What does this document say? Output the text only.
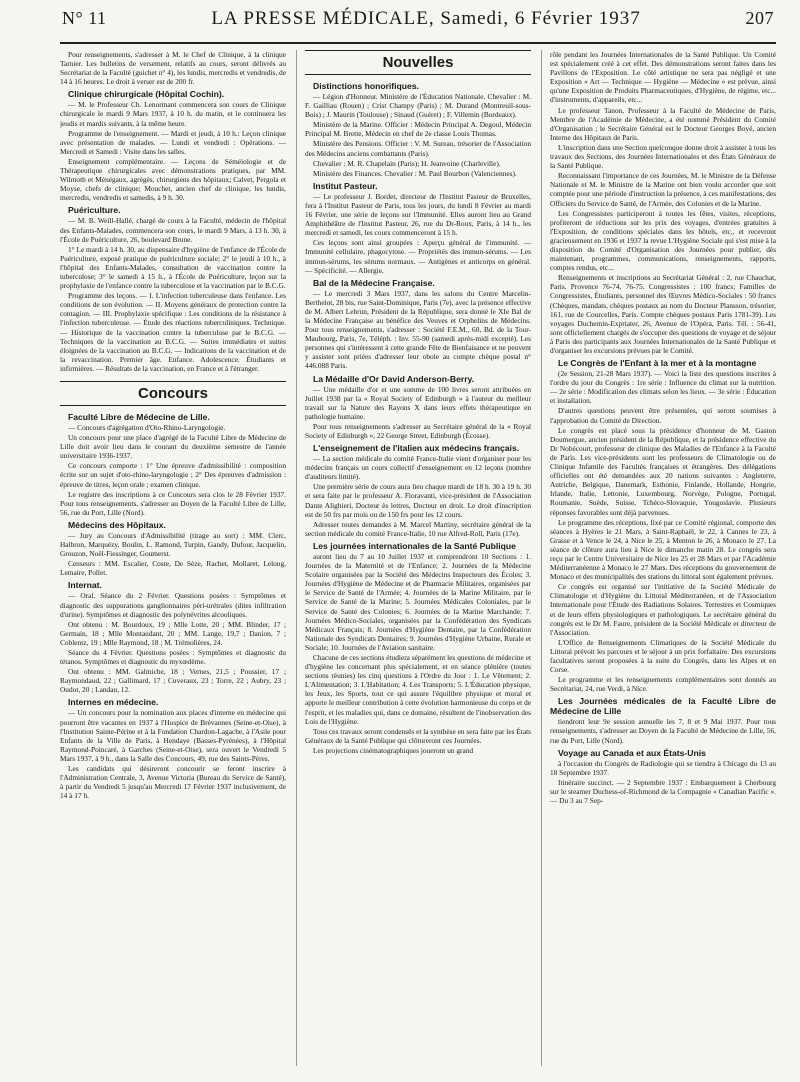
N° 11	LA PRESSE MÉDICALE, Samedi, 6 Février 1937	207

Pour renseignements, s'adresser à M. le Chef de Clinique, à la clinique Tarnier. Les bulletins de versement, relatifs au cours, seront délivrés au Secrétariat de la Faculté (guichet n° 4), les lundis, mercredis et vendredis, de 14 à 16 heures. Le droit à verser est de 200 fr.

Clinique chirurgicale (Hôpital Cochin).

— M. le Professeur Ch. Lenormant commencera son cours de Clinique chirurgicale le mardi 9 Mars 1937, à 10 h. du matin, et le continuera les jeudis et mardis suivants, à la même heure.

Programme de l'enseignement. — Mardi et jeudi, à 10 h.: Leçon clinique avec présentation de malades. — Lundi et vendredi : Opérations. — Mercredi et Samedi : Visite dans les salles.

Enseignement complémentaire. — Leçons de Séméiologie et de Thérapeutique chirurgicales avec démonstrations pratiques, par MM. Wilmoth et Ménégaux, agrégés, chirurgiens des hôpitaux; Calvet, Pergola et Moyse, chefs de clinique; Mouchet, ancien chef de clinique, les lundis, mercredis, vendredis et samedis, à 9 h. 30.

Puériculture.

— M. B. Weill-Hallé, chargé de cours à la Faculté, médecin de l'hôpital des Enfants-Malades, commencera son cours, le mardi 9 Mars, à 13 h. 30, à l'École de Puériculture, 26, boulevard Brune.

1° Le mardi à 14 h. 30, au dispensaire d'hygiène de l'enfance de l'École de Puériculture, exposé pratique de puériculture sociale; 2° le jeudi à 10 h., à l'hôpital des Enfants-Malades, consultation de vaccination contre la tuberculose; 3° le samedi à 15 h., à l'École de Puériculture, leçon sur la prophylaxie de l'enfance contre la tuberculose et la vaccination par le B.C.G.

Programme des leçons. — I. L'infection tuberculeuse dans l'enfance. Les conditions de son évolution. — II. Moyens généraux de protection contre la contagion. — III. Prophylaxie spécifique : Les conditions de la résistance à l'infection tuberculeuse. — Étude des réactions tuberculiniques. Technique. — Historique de la vaccination contre la tuberculose par le B.C.G. — Techniques de la vaccination au B.C.G. — Suites immédiates et suites éloignées de la vaccination au B.C.G. — Indications de la vaccination et de la revaccination. Premier âge. Enfance. Adolescence. Étudiants et infirmières. — Résultats de la vaccination, en France et à l'étranger.

Concours
Faculté Libre de Médecine de Lille.

— Concours d'agrégation d'Oto-Rhino-Laryngologie.

Un concours pour une place d'agrégé de la Faculté Libre de Médecine de Lille doit avoir lieu dans le courant du deuxième semestre de l'année universitaire 1936-1937.

Ce concours comporte : 1° Une épreuve d'admissibilité : composition écrite sur un sujet d'oto-rhino-laryngologie ; 2° Des épreuves d'admission : épreuve de titres, leçon orale ; examen clinique.

Le registre des inscriptions à ce Concours sera clos le 28 Février 1937. Pour tous renseignements, s'adresser au Doyen de la Faculté Libre de Lille, 56, rue du Port, Lille (Nord).

Médecins des Hôpitaux.

— Jury au Concours d'Admissibilité (tirage au sort) : MM. Clerc, Halbron, Marquézy, Boulin, L. Ramond, Turpin, Gandy, Dufour, Jacquelin, Grouzon, Noël-Fiessinger, Goumerst.

Censeurs : MM. Escalier, Coste, De Sèze, Rachet, Mollaret, Lelong, Lemaire, Pollet.

Internat.

— Oral. Séance du 2 Février. Questions posées : Symptômes et diagnostic des suppurations ganglionnaires péri-urétrales (dites infiltration d'urine). Symptômes et diagnostic des polynévrites alcooliques.

Ont obtenu : M. Bourdoux, 19 ; Mlle Lotte, 20 ; MM. Blinder, 17 ; Germain, 18 ; Mlle Montaudant, 20 ; MM. Lange, 19,7 ; Danion, 7 ; Coblentz, 19 ; Mlle Raymond, 18 ; M. Trémolières, 24.

Séance du 4 Février. Questions posées : Symptômes et diagnostic du tétanos. Symptômes et diagnostic du myxœdème.

Ont obtenu : MM. Galmiche, 18 ; Vernes, 21,5 ; Poussier, 17 ; Raymondaud, 22 ; Gallimard, 17 ; Cuveraux, 23 ; Torre, 22 ; Aubry, 23 ; Oudot, 20 ; Landau, 12.

Internes en médecine.

— Un concours pour la nomination aux places d'interne en médecine qui pourront être vacantes en 1937 à l'Hospice de Brévannes (Seine-et-Oise), à l'Institution Sainte-Périne et à la Fondation Chardon-Lagache, à l'Asile pour Enfants de la Ville de Paris, à Hendaye (Basses-Pyrénées), à l'Hôpital Raymond-Poincaré, à Garches (Seine-et-Oise), sera ouvert le Vendredi 5 Mars 1937, à 9 h., dans la Salle des Concours, 49, rue des Saints-Pères.

Les candidats qui désireront concourir se feront inscrire à l'Administration Centrale, 3, Avenue Victoria (Bureau du Service de Santé), à partir du Vendredi 5 jusqu'au Mercredi 17 Février 1937 inclusivement, de 14 à 17 h.

Nouvelles
Distinctions honorifiques.

— Légion d'Honneur. Ministère de l'Éducation Nationale. Chevalier : M. F. Gailliau (Rouen) ; Crist Champy (Paris) ; M. Durand (Montreuil-sous-Bois) ; J. Maurin (Toulouse) ; Sinaud (Guéret) ; F. Villemin (Bordeaux).

Ministère de la Marine. Officier : Médecin Principal A. Degoul, Médecin Principal M. Brette, Médecin en chef de 2e classe Louis Thomas.

Ministère des Pensions. Officier : V. M. Sureau, trésorier de l'Association des Médecins anciens combattants (Paris).

Chevalier : M. R. Chapelain (Paris); H. Jeanvoine (Charleville).

Ministère des Finances. Chevalier : M. Paul Bourbon (Valenciennes).

Institut Pasteur.

— Le professeur J. Bordet, directeur de l'Institut Pasteur de Bruxelles, fera à l'Institut Pasteur de Paris, tous les jours, du lundi 8 Février au mardi 16 Février, une série de leçons sur l'Immunité. Elles auront lieu au Grand Amphithéâtre de l'Institut Pasteur, 26, rue du Dr-Roux, Paris, à 14 h., les mercredi et samedi, les cours commenceront à 15 h.

Ces leçons sont ainsi groupées : Aperçu général de l'immunité. — Immunité cellulaire, phagocytose. — Propriétés des immun-sérums. — Les immun-sérums, les sérums normaux. — Antigènes et anticorps en général. — Spécificité. — Allergie.

Bal de la Médecine Française.

— Le mercredi 3 Mars 1937, dans les salons du Centre Marcelin-Berthelot, 28 bis, rue Saint-Dominique, Paris (7e), avec la présence effective de M. Albert Lebrun, Président de la République, sera donné le XIe Bal de la Médecine Française au bénéfice des Veuves et Orphelins de Médecins. Pour tous renseignements, s'adresser : Société F.E.M., 60, Bd. de la Tour-Maubourg, Paris, 7e, Téléph. : Inv. 55-90 (samedi après-midi excepté). Les personnes qui s'intéressent à cette grande Fête de Bienfaisance et ne peuvent y assister sont priées d'adresser leur obole au compte chèque postal n° 446.088 Paris.

La Médaille d'Or David Anderson-Berry.

— Une médaille d'or et une somme de 100 livres seront attribuées en Juillet 1938 par la « Royal Society of Edinburgh » à l'auteur du meilleur travail sur la Nature des Rayons X dans leurs effets thérapeutique en pathologie humaine.

Pour tous renseignements s'adresser au Secrétaire général de la « Royal Society of Edinburgh », 22 George Street, Edinburgh (Écosse).

L'enseignement de l'italien aux médecins français.

— La section médicale du comité France-Italie vient d'organiser pour les médecins français un cours collectif d'enseignement en 12 leçons (nombre d'auditeurs limité).

Une première série de cours aura lieu chaque mardi de 18 h. 30 à 19 h. 30 et sera faite par le professeur A. Fioravanti, vice-président de l'Association Dante Alighieri, Docteur ès lettres, Docteur en droit. Le droit d'inscription est de 50 frs par mois ou de 150 frs pour les 12 cours.

Adresser toutes demandes à M. Marcel Martiny, secrétaire général de la section médicale du comité France-Italie, 10 rue Alfred-Roll, Paris (17e).

Les journées internationales de la Santé Publique

auront lieu du 7 au 10 Juillet 1937 et comprendront 10 Sections : 1. Journées de la Maternité et de l'Enfance; 2. Journées de la Médecine Scolaire organisées par la Société des Médecins Inspecteurs des Écoles; 3. Journées d'Hygiène de Médecine et de Pharmacie Militaires, organisées par le Service de Santé de l'Armée; 4. Journées de la Marine Militaire, par le Service de Santé de la Marine; 5. Journées Médicales Coloniales, par le Service de Santé des Colonies; 6. Journées de la Marine Marchande; 7. Journées Médico-Sociales, organisées par la Confédération des Syndicats Médicaux Français; 8. Journées d'Hygiène Dentaire, par la Confédération Nationale des Syndicats Dentaires; 9. Journées d'Hygiène Urbaine, Rurale et Sociale; 10. Journées de l'Aviation sanitaire.

Chacune de ces sections étudiera séparément les questions de médecine et d'hygiène les concernant plus spécialement, et en séance plénière (toutes sections réunies) les cinq questions à l'Ordre du Jour : 1. Le Vêtement; 2. L'Alimentation; 3. L'Habitation; 4. Les Transports; 5. L'Éducation physique, les Jeux, les Sports, tout ce qui assure l'équilibre physique et moral et apporte le meilleur contribution à cette évolution harmonieuse du corps et de l'esprit, et les maladies qui, dans ce domaine, résultent de l'inobservation des Lois de l'Hygiène.

Tous ces travaux seront condensés et la synthèse en sera faite par les États Généraux de la Santé Publique qui clôtureront ces Journées.

Les projections cinématographiques joueront un grand

rôle pendant les Journées Internationales de la Santé Publique. Un Comité est spécialement créé à cet effet. Des démonstrations seront faites dans les Pavillons de l'Exposition. Le côté artistique ne sera pas négligé et une Exposition « Art — Technique — Hygiène — Médecine » est prévue, ainsi qu'une Exposition de Produits Pharmaceutiques, d'Hygiène, de régime, etc... d'instruments, d'appareils, etc...

Le professeur Tanon, Professeur à la Faculté de Médecine de Paris, Membre de l'Académie de Médecine, a été nommé Président du Comité d'Organisation ; le Secrétaire Général est le Docteur Georges Boyé, ancien Interne des Hôpitaux de Paris.

L'inscription dans une Section quelconque donne droit à assister à tous les travaux des Sections, des Journées Internationales et des États Généraux de la Santé Publique.

Reconnaissant l'importance de ces Journées, M. le Ministre de la Défense Nationale et M. le Ministre de la Marine ont bien voulu accorder que soit comptée pour une période d'instruction la présence, à ces manifestations, des Officiers du Service de Santé, de l'Armée, des Colonies et de la Marine.

Les Congressistes participeront à toutes les fêtes, visites, réceptions, profiteront de réductions sur les prix des voyages, d'entrées gratuites à l'Exposition, de conditions spéciales dans les hôtels, etc., et recevront gracieusement en 1936 et 1937 la revue L'Hygiène Sociale qui s'est mise à la disposition du Comité d'Organisation des Journées pour publier, dès maintenant, programmes, communications, renseignements, rapports, comptes rendus, etc...

Renseignements et inscriptions au Secrétariat Général : 2, rue Chauchat, Paris. Provence 76-74, 76-75. Congressistes : 100 francs; Familles de Congressistes, Étudiants, personnel des Œuvres Médico-Sociales : 50 francs (Chèques, mandats, chèques postaux au nom du Docteur Plansson, trésorier, 161, rue de Courcelles, Paris. Compte chèques postaux Paris 1781-39). Les voyages Duchemin-Expriater, 26, Avenue de l'Opéra, Paris. Tél. : 56-41, sont officiellement chargés de s'occuper des questions de voyage et de séjour à Paris des participants aux Journées Internationales de la Santé Publique et d'organiser les excursions prévues par le Comité.

Le Congrès de l'Enfant à la mer et à la montagne

(2e Session, 21-28 Mars 1937). — Voici la liste des questions inscrites à l'ordre du jour du Congrès : 1re série : Influence du climat sur la nutrition. — 2e série : Modification des climats selon les lieux. — 3e série : Éducation et installation.

D'autres questions peuvent être présentées, qui seront soumises à l'approbation du Comité de Direction.

Le congrès est placé sous la présidence d'honneur de M. Gaston Doumergue, ancien président de la République, et la présidence effective du Dr Nobécourt, professeur de clinique des Maladies de l'Enfance à la Faculté de Paris. Les vice-présidents sont les professeurs de Climatologie ou de Clinique Infantile des Facultés françaises et étrangères. Des délégations officielles ont été demandées aux 20 nations suivantes : Angleterre, Autriche, Belgique, Danemark, Esthonie, Finlande, Hollande, Hongrie, Irlande, Italie, Lettonie, Luxembourg, Norvège, Pologne, Portugal, Roumanie, Suède, Suisse, Tchéco-Slovaquie, Yougoslavie. Plusieurs réponses favorables sont déjà parvenues.

Le programme des réceptions, fixé par ce Comité régional, comporte des séances à Hyères le 21 Mars, à Saint-Raphaël, le 22, à Cannes le 23, à Grasse et à Vence le 24, à Nice le 25, à Menton le 26, à Monaco le 27. La séance de clôture aura lieu à Nice le dimanche matin 28. Le congrès sera reçu par le Centre Universitaire de Nice les 25 et 28 Mars et par l'Académie Méditerranéenne à Monaco le 27 Mars. Des réceptions du gouvernement de Monaco et des municipalités des stations du littoral sont également prévues.

Ce congrès est organisé sur l'initiative de la Société Médicale de Climatologie et d'Hygiène du Littoral Méditerranéen, et de l'Association Internationale pour l'Étude des Radiations Solaires. Terrestres et Cosmiques et de leurs effets physiologiques et pathologiques. Le secrétaire général du congrès est le Dr M. Faure, président de la Société Médicale et directeur de l'Association.

L'Office de Renseignements Climatiques de la Société Médicale du Littoral prévoit les parcours et le séjour à un prix forfaitaire. Des excursions facultatives seront proposées à la suite du Congrès, dans les Alpes et en Corse.

Le programme et les renseignements complémentaires sont donnés au Secrétariat, 24, rue Verdi, à Nice.

Les Journées médicales de la Faculté Libre de Médecine de Lille

tiendront leur 9e session annuelle les 7, 8 et 9 Mai 1937. Pour tous renseignements, s'adresser au Doyen de la Faculté de Médecine de Lille, 56, rue du Port, Lille (Nord).

Voyage au Canada et aux États-Unis

à l'occasion du Congrès de Radiologie qui se tiendra à Chicago du 13 au 18 Septembre 1937.

Itinéraire succinct. — 2 Septembre 1937 : Embarquement à Cherbourg sur le steamer Duchess-of-Richmond de la Compagnie « Canadian Pacific ». — Du 3 au 7 Sep-
